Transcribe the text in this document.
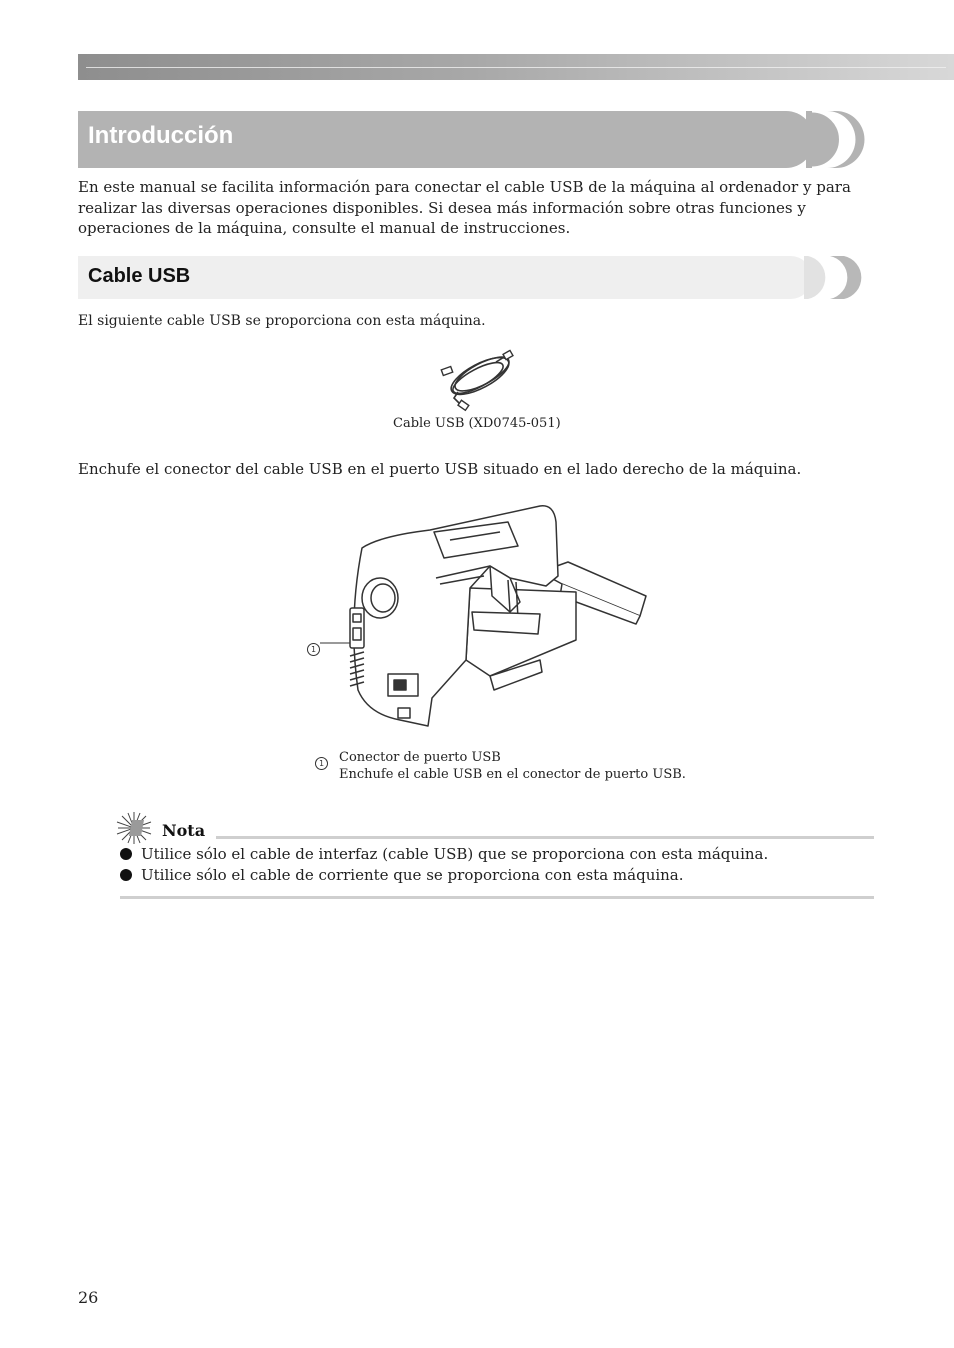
Introducción

En este manual se facilita información para conectar el cable USB de la máquina al ordenador y para realizar las diversas operaciones disponibles. Si desea más información sobre otras funciones y operaciones de la máquina, consulte el manual de instrucciones.

Cable USB

El siguiente cable USB se proporciona con esta máquina.

Cable USB (XD0745-051)

Enchufe el conector del cable USB en el puerto USB situado en el lado derecho de la máquina.

1
1	Conector de puerto USB

Enchufe el cable USB en el conector de puerto USB.

Nota

Utilice sólo el cable de interfaz (cable USB) que se proporciona con esta máquina.
Utilice sólo el cable de corriente que se proporciona con esta máquina.
26
